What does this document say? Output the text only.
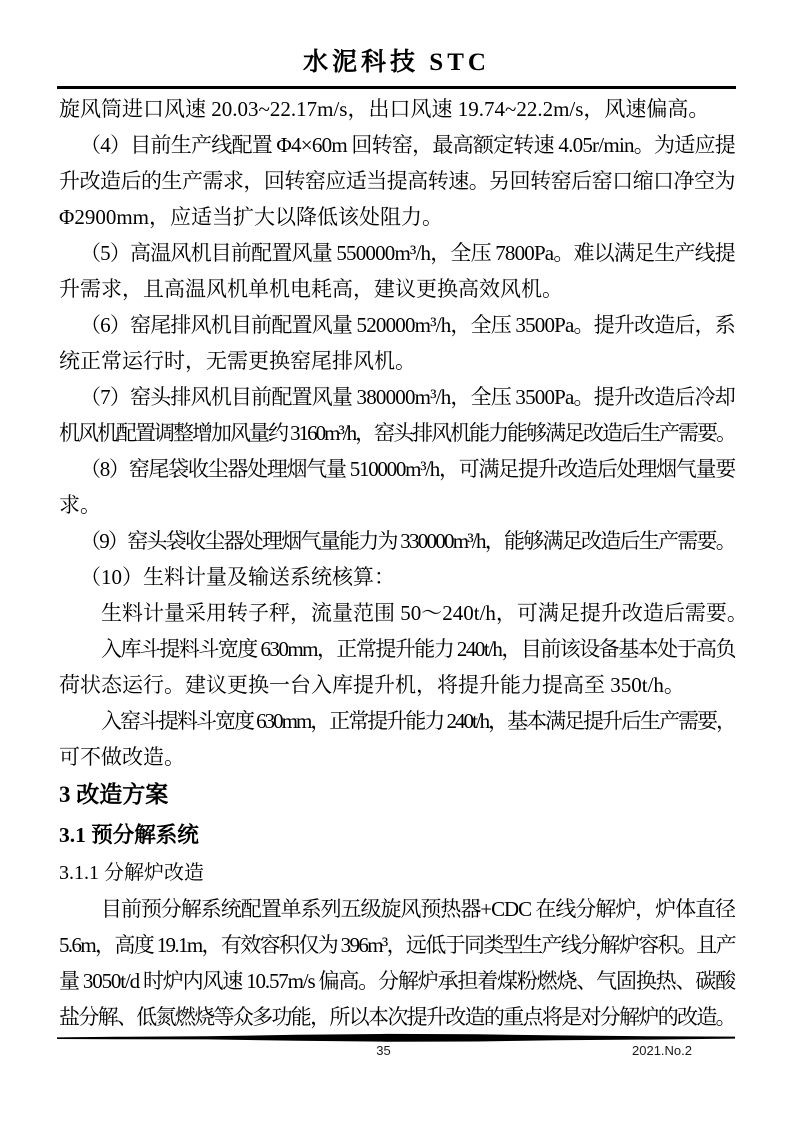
水泥科技 STC
旋风筒进口风速 20.03~22.17m/s，出口风速 19.74~22.2m/s，风速偏高。
（4）目前生产线配置 Φ4×60m 回转窑，最高额定转速 4.05r/min。为适应提
升改造后的生产需求，回转窑应适当提高转速。另回转窑后窑口缩口净空为
Φ2900mm，应适当扩大以降低该处阻力。
（5）高温风机目前配置风量 550000m³/h，全压 7800Pa。难以满足生产线提
升需求，且高温风机单机电耗高，建议更换高效风机。
（6）窑尾排风机目前配置风量 520000m³/h，全压 3500Pa。提升改造后，系
统正常运行时，无需更换窑尾排风机。
（7）窑头排风机目前配置风量 380000m³/h，全压 3500Pa。提升改造后冷却
机风机配置调整增加风量约 3160m³/h，窑头排风机能力能够满足改造后生产需要。
（8）窑尾袋收尘器处理烟气量 510000m³/h，可满足提升改造后处理烟气量要
求。
（9）窑头袋收尘器处理烟气量能力为 330000m³/h，能够满足改造后生产需要。
（10）生料计量及输送系统核算：
生料计量采用转子秤，流量范围 50～240t/h，可满足提升改造后需要。
入库斗提料斗宽度 630mm，正常提升能力 240t/h，目前该设备基本处于高负
荷状态运行。建议更换一台入库提升机，将提升能力提高至 350t/h。
入窑斗提料斗宽度 630mm，正常提升能力 240t/h，基本满足提升后生产需要，
可不做改造。
3 改造方案
3.1 预分解系统
3.1.1 分解炉改造
目前预分解系统配置单系列五级旋风预热器+CDC 在线分解炉，炉体直径
5.6m，高度 19.1m，有效容积仅为 396m³，远低于同类型生产线分解炉容积。且产
量 3050t/d 时炉内风速 10.57m/s 偏高。分解炉承担着煤粉燃烧、气固换热、碳酸
盐分解、低氮燃烧等众多功能，所以本次提升改造的重点将是对分解炉的改造。
35	2021.No.2
